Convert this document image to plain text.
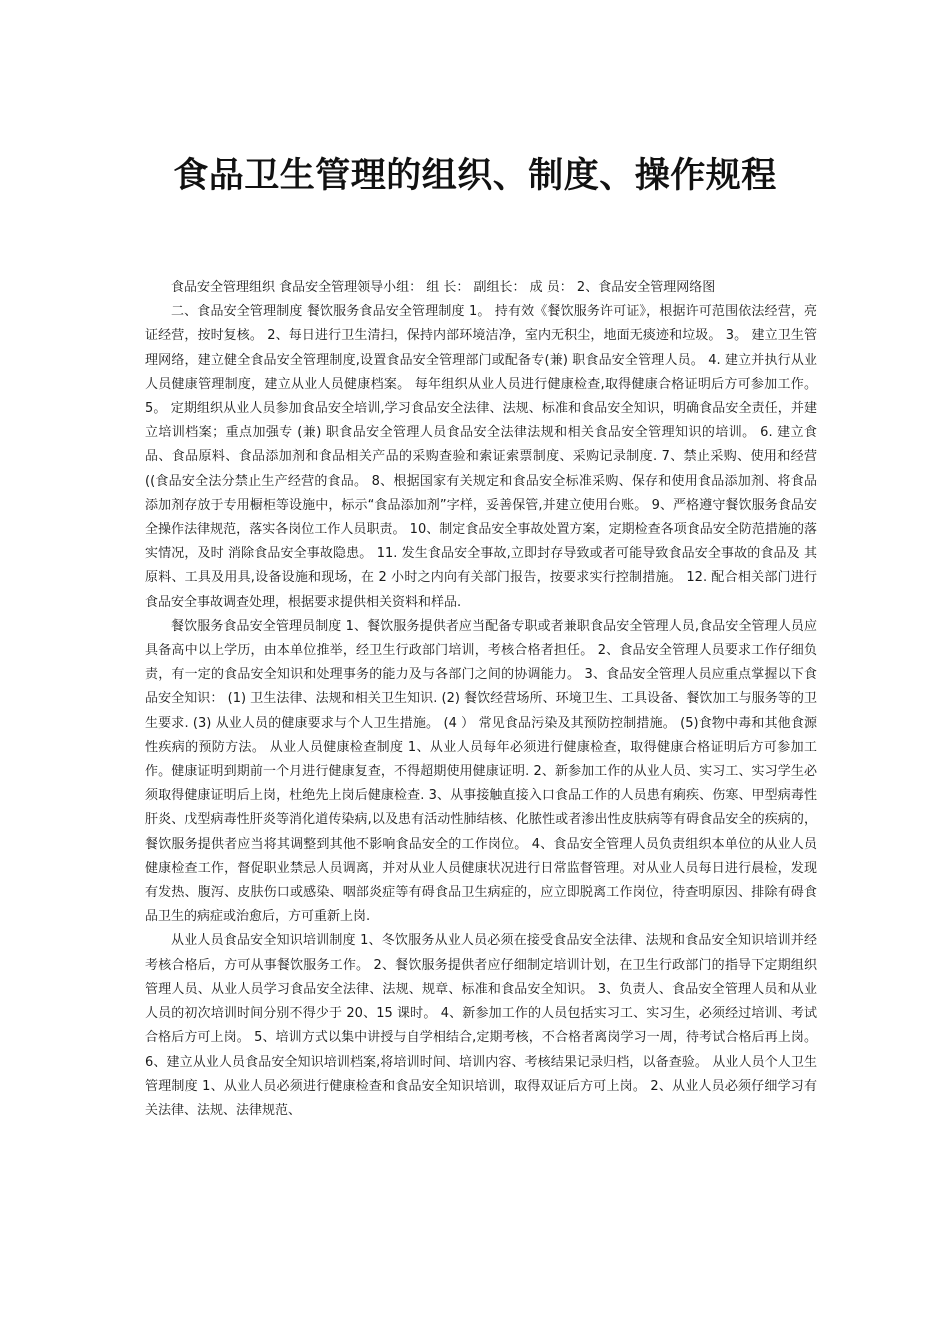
食品卫生管理的组织、制度、操作规程

食品安全管理组织 食品安全管理领导小组： 组 长： 副组长： 成 员： 2、食品安全管理网络图

二、食品安全管理制度 餐饮服务食品安全管理制度 1。 持有效《餐饮服务许可证》，根据许可范围依法经营，亮证经营，按时复核。 2、每日进行卫生清扫，保持内部环境洁净，室内无积尘，地面无痰迹和垃圾。 3。 建立卫生管理网络，建立健全食品安全管理制度,设置食品安全管理部门或配备专(兼) 职食品安全管理人员。 4. 建立并执行从业人员健康管理制度，建立从业人员健康档案。 每年组织从业人员进行健康检查,取得健康合格证明后方可参加工作。 5。 定期组织从业人员参加食品安全培训,学习食品安全法律、法规、标准和食品安全知识，明确食品安全责任，并建立培训档案；重点加强专 (兼) 职食品安全管理人员食品安全法律法规和相关食品安全管理知识的培训。 6. 建立食品、食品原料、食品添加剂和食品相关产品的采购查验和索证索票制度、采购记录制度. 7、禁止采购、使用和经营((食品安全法分禁止生产经营的食品。 8、根据国家有关规定和食品安全标准采购、保存和使用食品添加剂、将食品添加剂存放于专用橱柜等设施中，标示“食品添加剂”字样，妥善保管,并建立使用台账。 9、严格遵守餐饮服务食品安全操作法律规范，落实各岗位工作人员职责。 10、制定食品安全事故处置方案，定期检查各项食品安全防范措施的落实情况，及时 消除食品安全事故隐患。 11. 发生食品安全事故,立即封存导致或者可能导致食品安全事故的食品及 其原料、工具及用具,设备设施和现场，在 2 小时之内向有关部门报告，按要求实行控制措施。 12. 配合相关部门进行食品安全事故调查处理，根据要求提供相关资料和样品.

餐饮服务食品安全管理员制度 1、餐饮服务提供者应当配备专职或者兼职食品安全管理人员,食品安全管理人员应具备高中以上学历，由本单位推举，经卫生行政部门培训，考核合格者担任。 2、食品安全管理人员要求工作仔细负责，有一定的食品安全知识和处理事务的能力及与各部门之间的协调能力。 3、食品安全管理人员应重点掌握以下食品安全知识： (1) 卫生法律、法规和相关卫生知识. (2) 餐饮经营场所、环境卫生、工具设备、餐饮加工与服务等的卫生要求. (3) 从业人员的健康要求与个人卫生措施。 (4 ） 常见食品污染及其预防控制措施。 (5)食物中毒和其他食源性疾病的预防方法。 从业人员健康检查制度 1、从业人员每年必须进行健康检查，取得健康合格证明后方可参加工作。健康证明到期前一个月进行健康复查，不得超期使用健康证明. 2、新参加工作的从业人员、实习工、实习学生必须取得健康证明后上岗，杜绝先上岗后健康检查. 3、从事接触直接入口食品工作的人员患有痢疾、伤寒、甲型病毒性肝炎、戊型病毒性肝炎等消化道传染病,以及患有活动性肺结核、化脓性或者渗出性皮肤病等有碍食品安全的疾病的，餐饮服务提供者应当将其调整到其他不影响食品安全的工作岗位。 4、食品安全管理人员负责组织本单位的从业人员健康检查工作，督促职业禁忌人员调离，并对从业人员健康状况进行日常监督管理。对从业人员每日进行晨检，发现有发热、腹泻、皮肤伤口或感染、咽部炎症等有碍食品卫生病症的，应立即脱离工作岗位，待查明原因、排除有碍食品卫生的病症或治愈后，方可重新上岗.

从业人员食品安全知识培训制度 1、冬饮服务从业人员必须在接受食品安全法律、法规和食品安全知识培训并经考核合格后，方可从事餐饮服务工作。 2、餐饮服务提供者应仔细制定培训计划，在卫生行政部门的指导下定期组织管理人员、从业人员学习食品安全法律、法规、规章、标准和食品安全知识。 3、负责人、食品安全管理人员和从业人员的初次培训时间分别不得少于 20、15 课时。 4、新参加工作的人员包括实习工、实习生，必须经过培训、考试合格后方可上岗。 5、培训方式以集中讲授与自学相结合,定期考核，不合格者离岗学习一周，待考试合格后再上岗。 6、建立从业人员食品安全知识培训档案,将培训时间、培训内容、考核结果记录归档，以备查验。 从业人员个人卫生管理制度 1、从业人员必须进行健康检查和食品安全知识培训，取得双证后方可上岗。 2、从业人员必须仔细学习有关法律、法规、法律规范、
